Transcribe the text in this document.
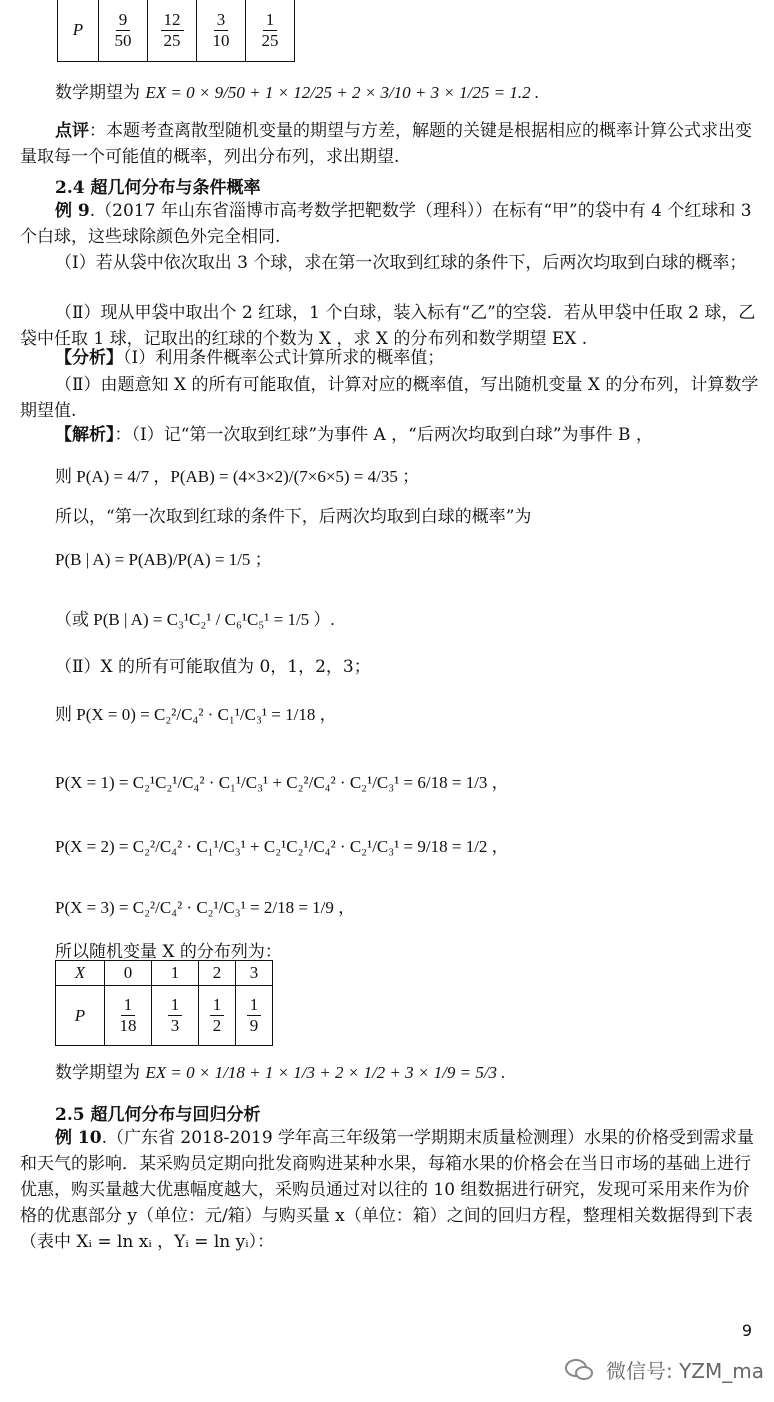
P	$\frac{9}{50}$	$\frac{12}{25}$	$\frac{3}{10}$	$\frac{1}{25}$
数学期望为 EX = 0 × 9/50 + 1 × 12/25 + 2 × 3/10 + 3 × 1/25 = 1.2 .
点评：本题考查离散型随机变量的期望与方差，解题的关键是根据相应的概率计算公式求出变量取每一个可能值的概率，列出分布列，求出期望.
2.4 超几何分布与条件概率
例 9.（2017 年山东省淄博市高考数学把靶数学（理科））在标有“甲”的袋中有 4 个红球和 3 个白球，这些球除颜色外完全相同.
（Ⅰ）若从袋中依次取出 3 个球，求在第一次取到红球的条件下，后两次均取到白球的概率；
（Ⅱ）现从甲袋中取出个 2 红球，1 个白球，装入标有“乙”的空袋．若从甲袋中任取 2 球，乙袋中任取 1 球，记取出的红球的个数为 X ，求 X 的分布列和数学期望 EX .
【分析】（Ⅰ）利用条件概率公式计算所求的概率值；
（Ⅱ）由题意知 X 的所有可能取值，计算对应的概率值，写出随机变量 X 的分布列，计算数学期望值.
【解析】：（Ⅰ）记“第一次取到红球”为事件 A ，“后两次均取到白球”为事件 B ，
则 P(A) = 4/7 ，P(AB) = (4×3×2)/(7×6×5) = 4/35 ；
所以，“第一次取到红球的条件下，后两次均取到白球的概率”为
P(B | A) = P(AB)/P(A) = 1/5 ；
（或 P(B | A) = C₃¹C₂¹ / C₆¹C₅¹ = 1/5 ）.
（Ⅱ）X 的所有可能取值为 0，1，2，3；
则 P(X = 0) = C₂²/C₄² · C₁¹/C₃¹ = 1/18 ，
P(X = 1) = C₂¹C₂¹/C₄² · C₁¹/C₃¹ + C₂²/C₄² · C₂¹/C₃¹ = 6/18 = 1/3 ，
P(X = 2) = C₂²/C₄² · C₁¹/C₃¹ + C₂¹C₂¹/C₄² · C₂¹/C₃¹ = 9/18 = 1/2 ，
P(X = 3) = C₂²/C₄² · C₂¹/C₃¹ = 2/18 = 1/9 ，
所以随机变量 X 的分布列为：
X	0	1	2	3
P	$\frac{1}{18}$	$\frac{1}{3}$	$\frac{1}{2}$	$\frac{1}{9}$
数学期望为 EX = 0 × 1/18 + 1 × 1/3 + 2 × 1/2 + 3 × 1/9 = 5/3 .
2.5 超几何分布与回归分析
例 10.（广东省 2018-2019 学年高三年级第一学期期末质量检测理）水果的价格受到需求量和天气的影响．某采购员定期向批发商购进某种水果，每箱水果的价格会在当日市场的基础上进行优惠，购买量越大优惠幅度越大，采购员通过对以往的 10 组数据进行研究，发现可采用来作为价格的优惠部分 y（单位：元/箱）与购买量 x（单位：箱）之间的回归方程，整理相关数据得到下表（表中 Xᵢ = ln xᵢ ，Yᵢ = ln yᵢ）：
9
微信号: YZM_ma
